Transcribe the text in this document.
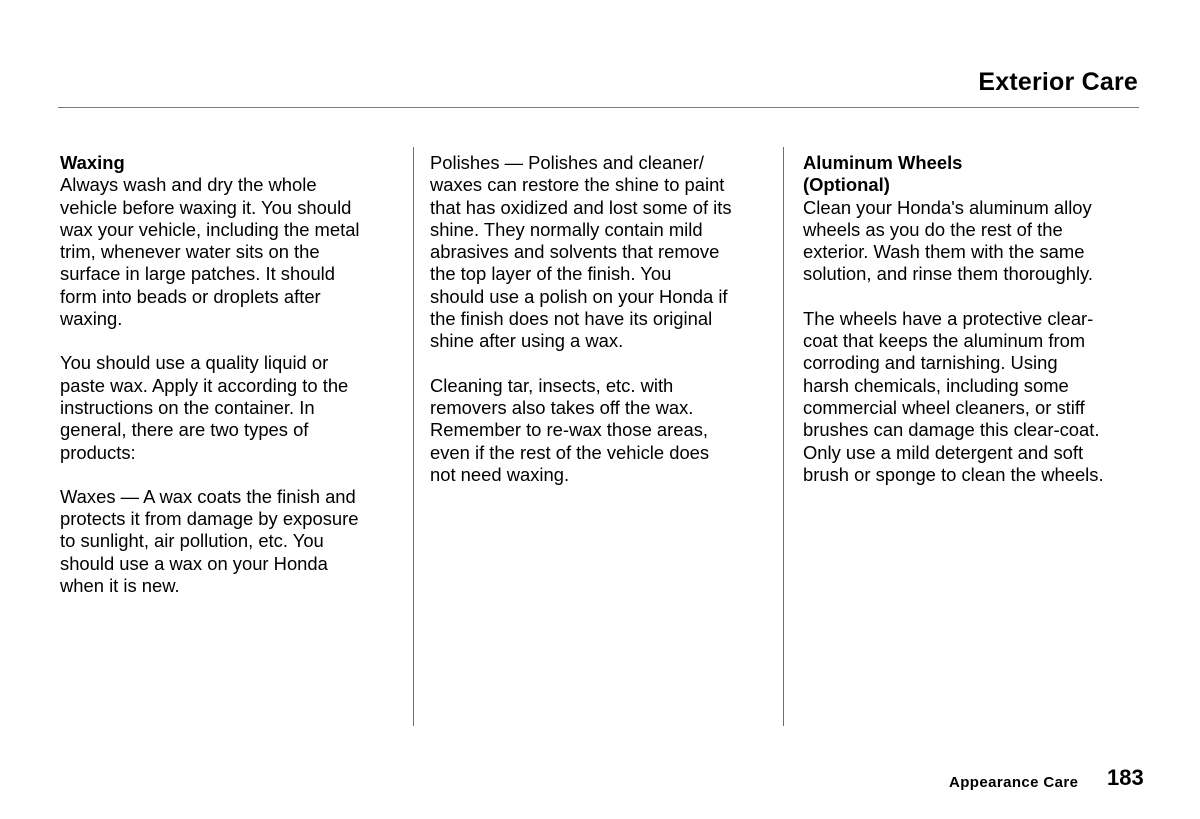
Exterior Care
Waxing
Always wash and dry the whole
vehicle before waxing it. You should
wax your vehicle, including the metal
trim, whenever water sits on the
surface in large patches. It should
form into beads or droplets after
waxing.
You should use a quality liquid or
paste wax. Apply it according to the
instructions on the container. In
general, there are two types of
products:
Waxes — A wax coats the finish and
protects it from damage by exposure
to sunlight, air pollution, etc. You
should use a wax on your Honda
when it is new.
Polishes — Polishes and cleaner/
waxes can restore the shine to paint
that has oxidized and lost some of its
shine. They normally contain mild
abrasives and solvents that remove
the top layer of the finish. You
should use a polish on your Honda if
the finish does not have its original
shine after using a wax.
Cleaning tar, insects, etc. with
removers also takes off the wax.
Remember to re-wax those areas,
even if the rest of the vehicle does
not need waxing.
Aluminum Wheels
(Optional)
Clean your Honda's aluminum alloy
wheels as you do the rest of the
exterior. Wash them with the same
solution, and rinse them thoroughly.
The wheels have a protective clear-
coat that keeps the aluminum from
corroding and tarnishing. Using
harsh chemicals, including some
commercial wheel cleaners, or stiff
brushes can damage this clear-coat.
Only use a mild detergent and soft
brush or sponge to clean the wheels.
Appearance Care 183
